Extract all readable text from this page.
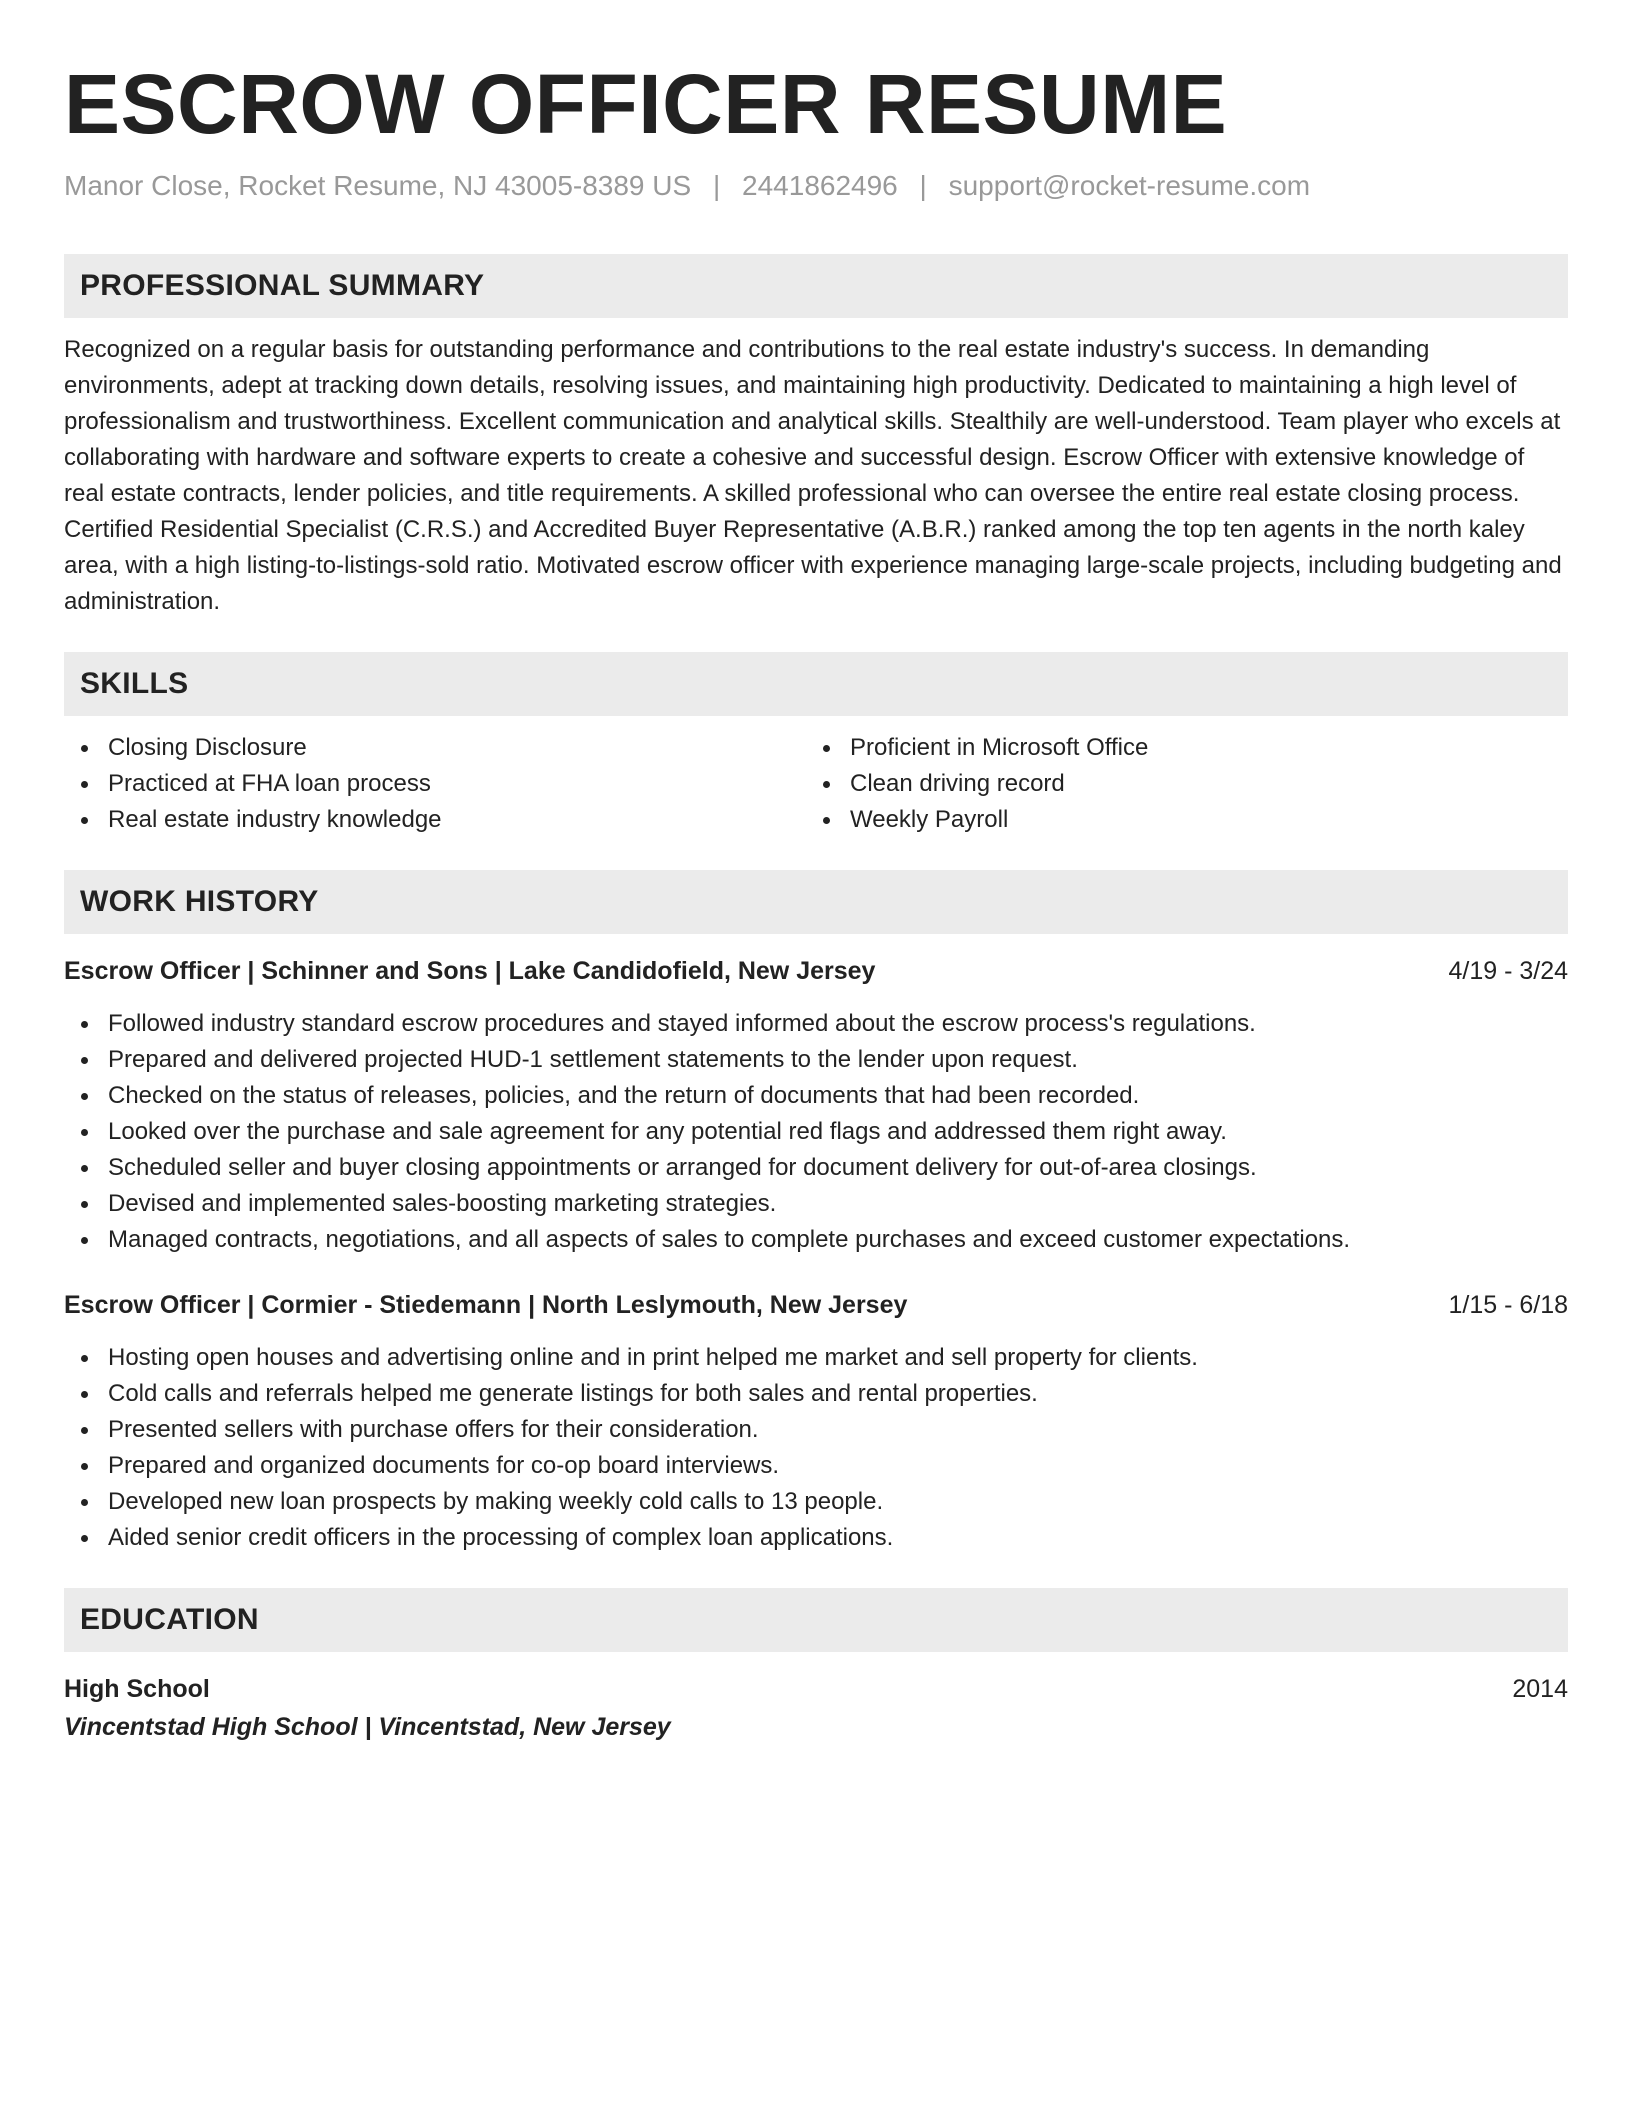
ESCROW OFFICER RESUME
Manor Close, Rocket Resume, NJ 43005-8389 US | 2441862496 | support@rocket-resume.com
PROFESSIONAL SUMMARY
Recognized on a regular basis for outstanding performance and contributions to the real estate industry's success. In demanding environments, adept at tracking down details, resolving issues, and maintaining high productivity. Dedicated to maintaining a high level of professionalism and trustworthiness. Excellent communication and analytical skills. Stealthily are well-understood. Team player who excels at collaborating with hardware and software experts to create a cohesive and successful design. Escrow Officer with extensive knowledge of real estate contracts, lender policies, and title requirements. A skilled professional who can oversee the entire real estate closing process. Certified Residential Specialist (C.R.S.) and Accredited Buyer Representative (A.B.R.) ranked among the top ten agents in the north kaley area, with a high listing-to-listings-sold ratio. Motivated escrow officer with experience managing large-scale projects, including budgeting and administration.
SKILLS
Closing Disclosure
Practiced at FHA loan process
Real estate industry knowledge
Proficient in Microsoft Office
Clean driving record
Weekly Payroll
WORK HISTORY
Escrow Officer | Schinner and Sons | Lake Candidofield, New Jersey	4/19 - 3/24
Followed industry standard escrow procedures and stayed informed about the escrow process's regulations.
Prepared and delivered projected HUD-1 settlement statements to the lender upon request.
Checked on the status of releases, policies, and the return of documents that had been recorded.
Looked over the purchase and sale agreement for any potential red flags and addressed them right away.
Scheduled seller and buyer closing appointments or arranged for document delivery for out-of-area closings.
Devised and implemented sales-boosting marketing strategies.
Managed contracts, negotiations, and all aspects of sales to complete purchases and exceed customer expectations.
Escrow Officer | Cormier - Stiedemann | North Leslymouth, New Jersey	1/15 - 6/18
Hosting open houses and advertising online and in print helped me market and sell property for clients.
Cold calls and referrals helped me generate listings for both sales and rental properties.
Presented sellers with purchase offers for their consideration.
Prepared and organized documents for co-op board interviews.
Developed new loan prospects by making weekly cold calls to 13 people.
Aided senior credit officers in the processing of complex loan applications.
EDUCATION
High School	2014
Vincentstad High School | Vincentstad, New Jersey
